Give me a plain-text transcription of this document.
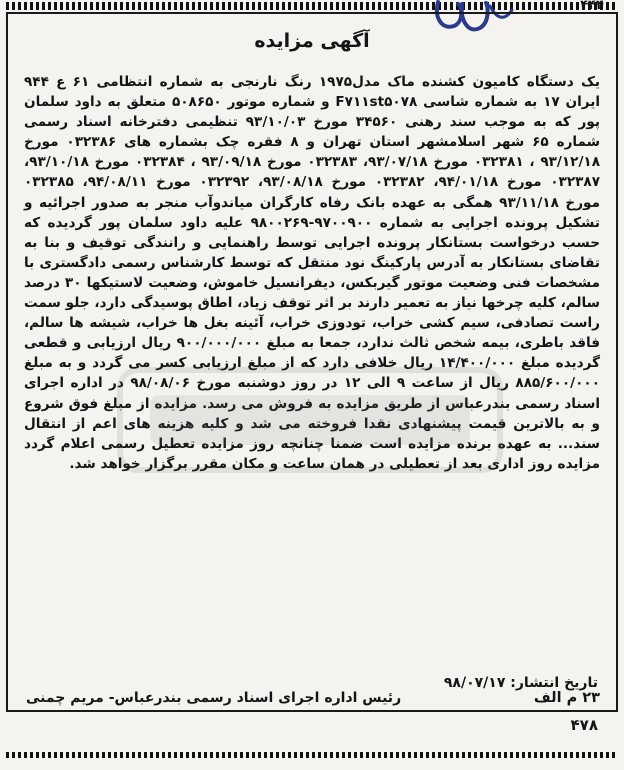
۴۴۴
آگهی مزایده

یک دستگاه کامیون کشنده ماک مدل۱۹۷۵ رنگ نارنجی به شماره انتظامی ۶۱ ع ۹۴۴ ایران ۱۷ به شماره شاسی F۷۱۱st۵۰۷۸ و شماره موتور ۵۰۸۶۵۰ متعلق به داود سلمان پور که به موجب سند رهنی ۳۴۵۶۰ مورخ ۹۳/۱۰/۰۳ تنظیمی دفترخانه اسناد رسمی شماره ۶۵ شهر اسلامشهر استان تهران و ۸ فقره چک بشماره های ۰۳۲۳۸۶ مورخ ۹۳/۱۲/۱۸ ، ۰۳۲۳۸۱ مورخ ۹۳/۰۷/۱۸، ۰۳۲۳۸۳ مورخ ۹۳/۰۹/۱۸ ، ۰۳۲۳۸۴ مورخ ۹۳/۱۰/۱۸، ۰۳۲۳۸۷ مورخ ۹۴/۰۱/۱۸، ۰۳۲۳۸۲ مورخ ۹۳/۰۸/۱۸، ۰۳۲۳۹۲ مورخ ۹۴/۰۸/۱۱، ۰۳۲۳۸۵ مورخ ۹۳/۱۱/۱۸ همگی به عهده بانک رفاه کارگران میاندوآب منجر به صدور اجرائیه و تشکیل پرونده اجرایی به شماره ۹۷۰۰۹۰۰-۹۸۰۰۲۶۹ علیه داود سلمان پور گردیده که حسب درخواست بستانکار پرونده اجرایی توسط راهنمایی و رانندگی توقیف و بنا به تقاضای بستانکار به آدرس پارکینگ نود منتقل که توسط کارشناس رسمی دادگستری با مشخصات فنی وضعیت موتور گیربکس، دیفرانسیل خاموش، وضعیت لاستیکها ۳۰ درصد سالم، کلیه چرخها نیاز به تعمیر دارند بر اثر توقف زیاد، اطاق پوسیدگی دارد، جلو سمت راست تصادفی، سیم کشی خراب، تودوزی خراب، آئینه بغل ها خراب، شیشه ها سالم، فاقد باطری، بیمه شخص ثالث ندارد، جمعا به مبلغ ۹۰۰/۰۰۰/۰۰۰ ریال ارزیابی و قطعی گردیده مبلغ ۱۴/۴۰۰/۰۰۰ ریال خلافی دارد که از مبلغ ارزیابی کسر می گردد و به مبلغ ۸۸۵/۶۰۰/۰۰۰ ریال از ساعت ۹ الی ۱۲ در روز دوشنبه مورخ ۹۸/۰۸/۰۶ در اداره اجرای اسناد رسمی بندرعباس از طریق مزایده به فروش می رسد. مزایده از مبلغ فوق شروع و به بالاترین قیمت پیشنهادی نقدا فروخته می شد و کلیه هزینه های اعم از انتقال سند... به عهده برنده مزایده است ضمنا چنانچه روز مزایده تعطیل رسمی اعلام گردد مزایده روز اداری بعد از تعطیلی در همان ساعت و مکان مقرر برگزار خواهد شد.

تاریخ انتشار: ۹۸/۰۷/۱۷
۲۳ م الف
رئیس اداره اجرای اسناد رسمی بندرعباس- مریم چمنی
۴۷۸
